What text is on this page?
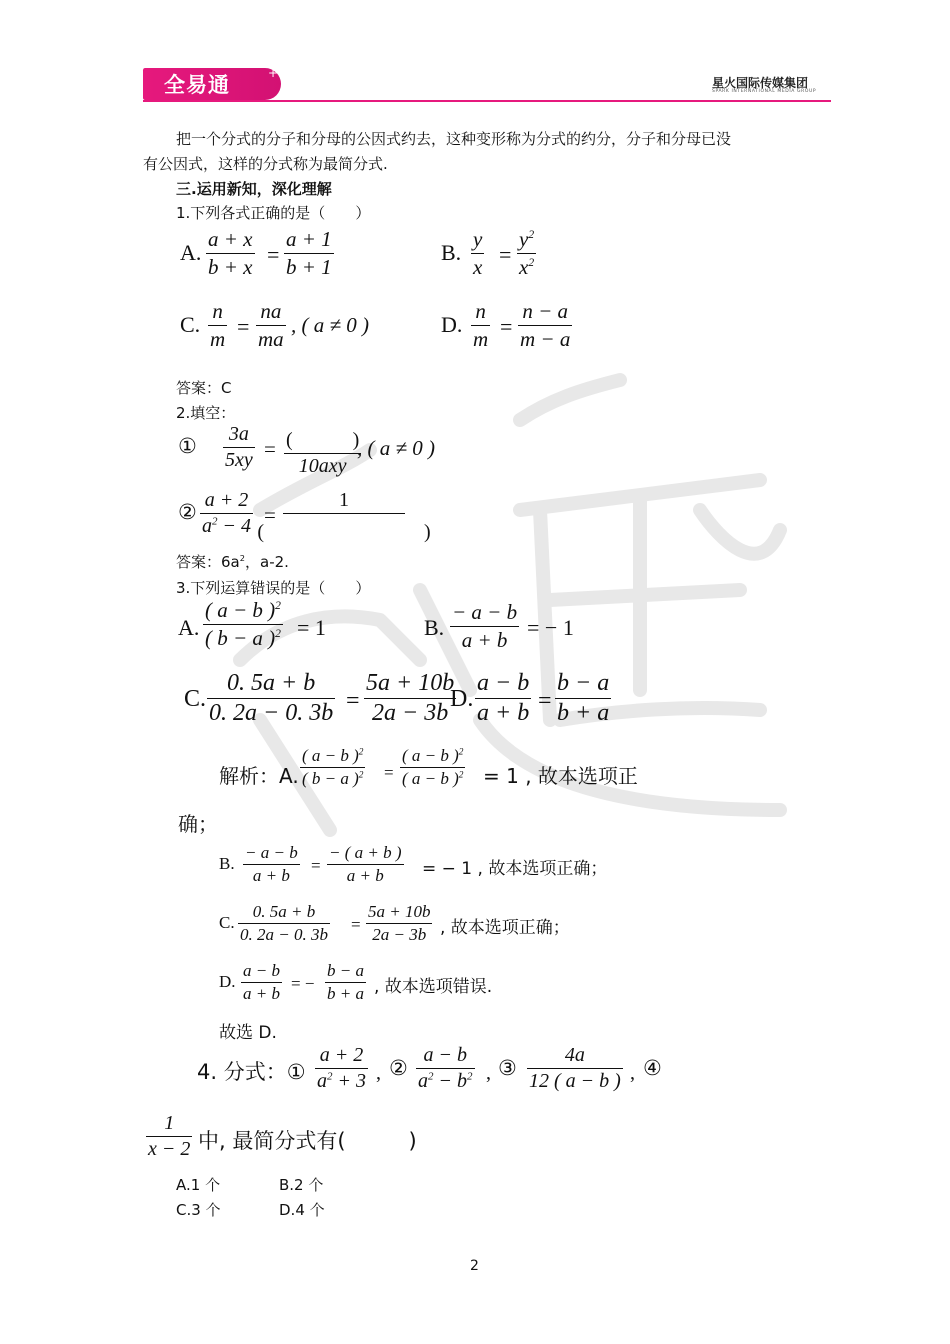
全易通	+
星火国际传媒集团
SPARK INTERNATIONAL MEDIA GROUP
把一个分式的分子和分母的公因式约去，这种变形称为分式的约分，分子和分母已没
有公因式，这样的分式称为最简分式.
三.运用新知，深化理解
1.下列各式正确的是（　　）
A.
a + x
b + x =
a + 1
b + 1
B.
y
x =
$y^2$
$x^2$
C.
n
m =
na
ma
, ( a ≠ 0 )	D.
n
m =
n − a
m − a
答案：C
2.填空：
① 3a
5xy = (　　　)
10axy
, ( a ≠ 0 )
② a + 2
$a^2 - 4$ =
1
(　　　　　　　　)
答案：$6a^2$，a-2.
3.下列运算错误的是（　　）
A.
( a − b )$^2$
( b − a )$^2$ = 1	B.
− a − b
a + b = − 1
C.
0. 5a + b
0. 2a − 0. 3b =
5a + 10b
2a − 3b
D.
a − b
a + b =
b − a
b + a
解析：A.
( a − b )$^2$
( b − a )$^2$ =
( a − b )$^2$
( a − b )$^2$ = 1 , 故本选项正
确；
B.
− a − b
a + b
=
− ( a + b )
a + b = − 1 , 故本选项正确；
C.
0. 5a + b
0. 2a − 0. 3b
=
5a + 10b
2a − 3b , 故本选项正确；
D.
a − b
a + b
= −
b − a
b + a , 故本选项错误.
故选 D.
4. 分式：①
a + 2
$a^2 + 3$ , ②
a − b
$a^2 - b^2$ , ③
4a
12 ( a − b ) , ④
1
x − 2 中, 最简分式有(　　　)
A.1 个	B.2 个
C.3 个	D.4 个
2
